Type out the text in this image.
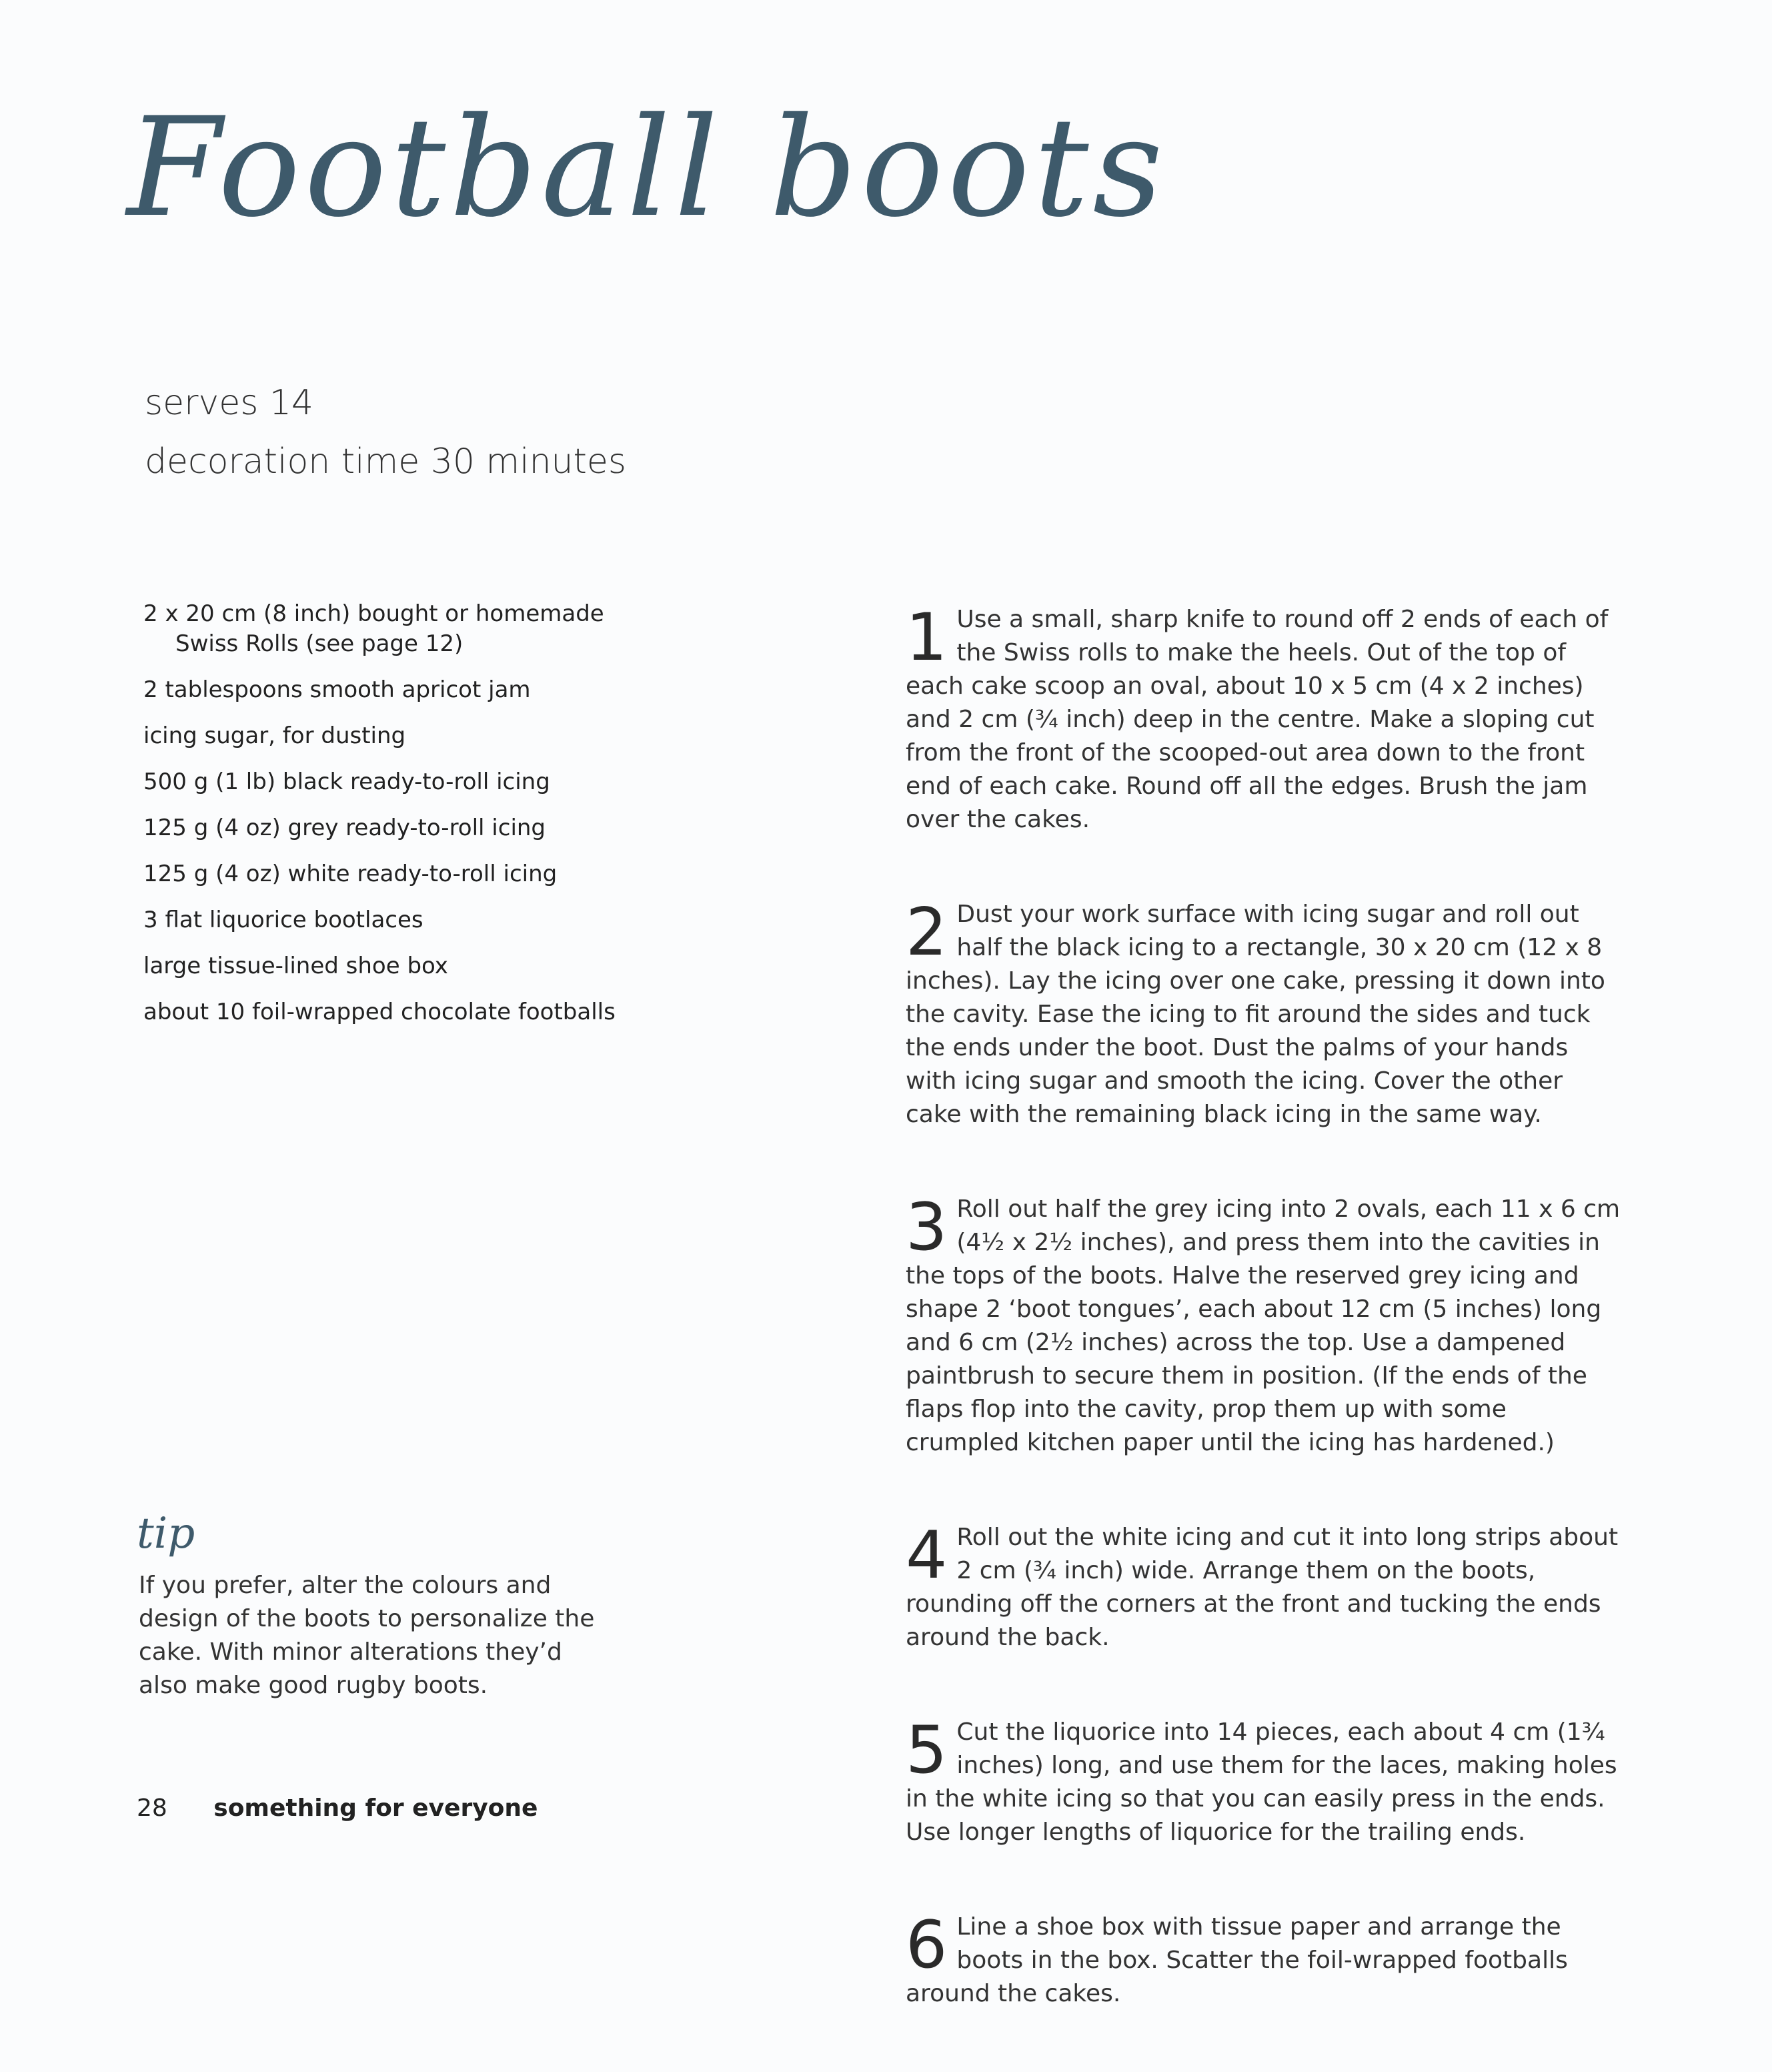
Football boots
serves 14
decoration time 30 minutes
2 x 20 cm (8 inch) bought or homemade Swiss Rolls (see page 12)
2 tablespoons smooth apricot jam
icing sugar, for dusting
500 g (1 lb) black ready-to-roll icing
125 g (4 oz) grey ready-to-roll icing
125 g (4 oz) white ready-to-roll icing
3 flat liquorice bootlaces
large tissue-lined shoe box
about 10 foil-wrapped chocolate footballs
tip
If you prefer, alter the colours and design of the boots to personalize the cake. With minor alterations they’d also make good rugby boots.
1 Use a small, sharp knife to round off 2 ends of each of the Swiss rolls to make the heels. Out of the top of each cake scoop an oval, about 10 x 5 cm (4 x 2 inches) and 2 cm (¾ inch) deep in the centre. Make a sloping cut from the front of the scooped-out area down to the front end of each cake. Round off all the edges. Brush the jam over the cakes.
2 Dust your work surface with icing sugar and roll out half the black icing to a rectangle, 30 x 20 cm (12 x 8 inches). Lay the icing over one cake, pressing it down into the cavity. Ease the icing to fit around the sides and tuck the ends under the boot. Dust the palms of your hands with icing sugar and smooth the icing. Cover the other cake with the remaining black icing in the same way.
3 Roll out half the grey icing into 2 ovals, each 11 x 6 cm (4½ x 2½ inches), and press them into the cavities in the tops of the boots. Halve the reserved grey icing and shape 2 ‘boot tongues’, each about 12 cm (5 inches) long and 6 cm (2½ inches) across the top. Use a dampened paintbrush to secure them in position. (If the ends of the flaps flop into the cavity, prop them up with some crumpled kitchen paper until the icing has hardened.)
4 Roll out the white icing and cut it into long strips about 2 cm (¾ inch) wide. Arrange them on the boots, rounding off the corners at the front and tucking the ends around the back.
5 Cut the liquorice into 14 pieces, each about 4 cm (1¾ inches) long, and use them for the laces, making holes in the white icing so that you can easily press in the ends. Use longer lengths of liquorice for the trailing ends.
6 Line a shoe box with tissue paper and arrange the boots in the box. Scatter the foil-wrapped footballs around the cakes.
28 something for everyone
